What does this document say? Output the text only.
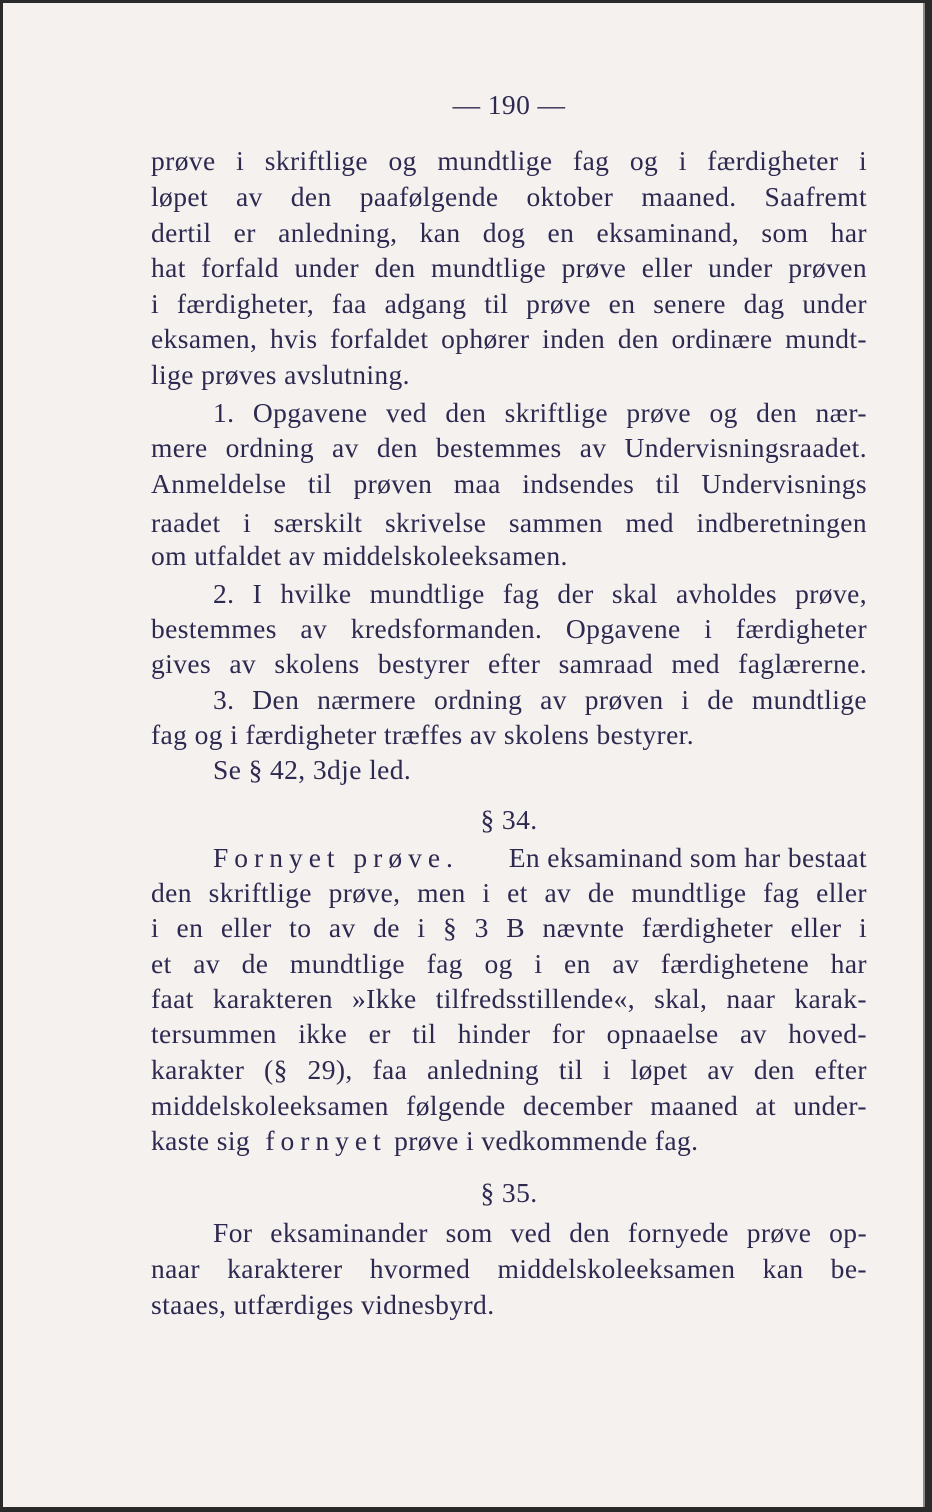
— 190 —
prøve i skriftlige og mundtlige fag og i færdigheter i
løpet av den paafølgende oktober maaned. Saafremt
dertil er anledning, kan dog en eksaminand, som har
hat forfald under den mundtlige prøve eller under prøven
i færdigheter, faa adgang til prøve en senere dag under
eksamen, hvis forfaldet ophører inden den ordinære mundt-
lige prøves avslutning.
1. Opgavene ved den skriftlige prøve og den nær-
mere ordning av den bestemmes av Undervisningsraadet.
Anmeldelse til prøven maa indsendes til Undervisnings
raadet i særskilt skrivelse sammen med indberetningen
om utfaldet av middelskoleeksamen.
2. I hvilke mundtlige fag der skal avholdes prøve,
bestemmes av kredsformanden. Opgavene i færdigheter
gives av skolens bestyrer efter samraad med faglærerne.
3. Den nærmere ordning av prøven i de mundtlige
fag og i færdigheter træffes av skolens bestyrer.
Se § 42, 3dje led.
§ 34.
Fornyet prøve. En eksaminand som har bestaat
den skriftlige prøve, men i et av de mundtlige fag eller
i en eller to av de i § 3 B nævnte færdigheter eller i
et av de mundtlige fag og i en av færdighetene har
faat karakteren »Ikke tilfredsstillende«, skal, naar karak-
tersummen ikke er til hinder for opnaaelse av hoved-
karakter (§ 29), faa anledning til i løpet av den efter
middelskoleeksamen følgende december maaned at under-
kaste sig fornyet prøve i vedkommende fag.
§ 35.
For eksaminander som ved den fornyede prøve op-
naar karakterer hvormed middelskoleeksamen kan be-
staaes, utfærdiges vidnesbyrd.
